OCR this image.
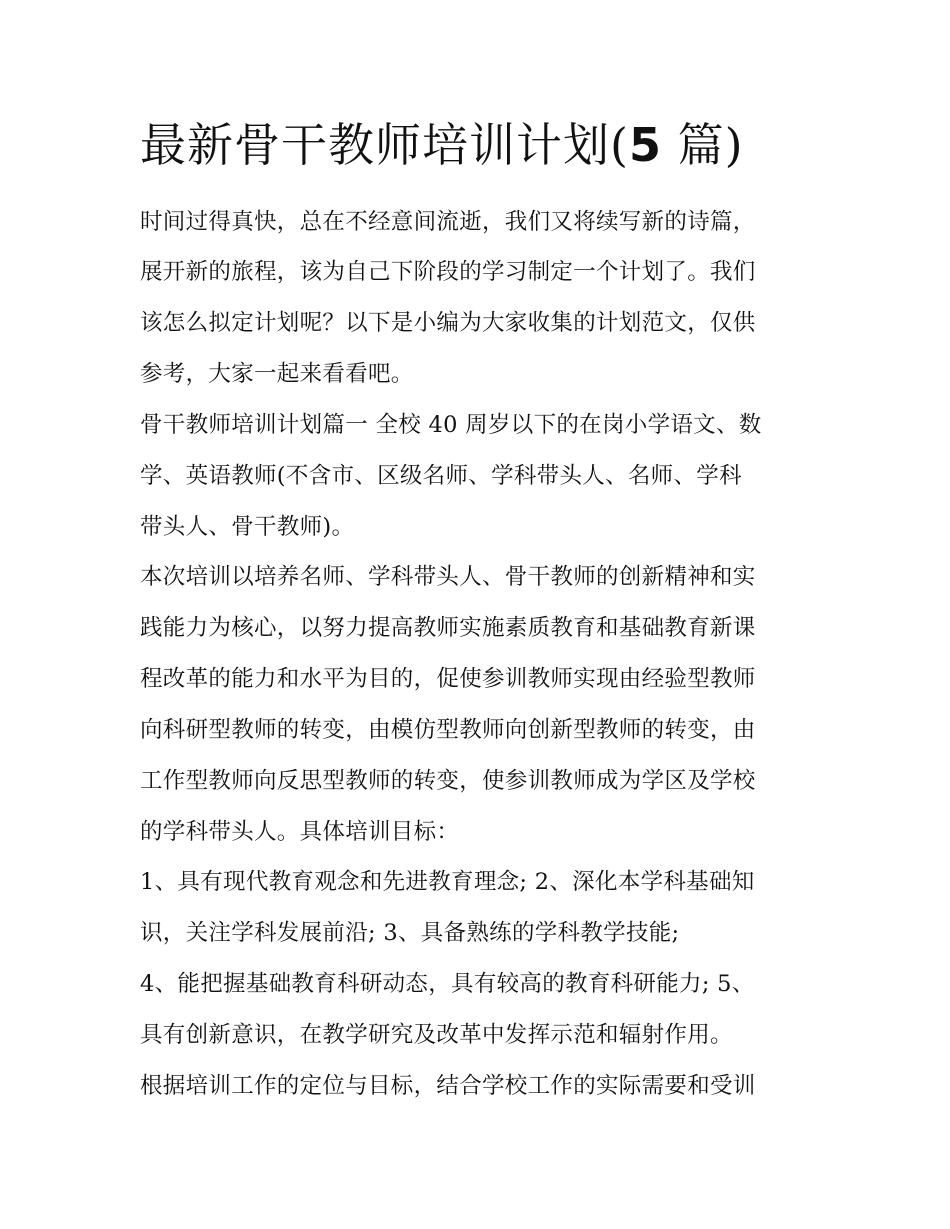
最新骨干教师培训计划(5 篇)

时间过得真快，总在不经意间流逝，我们又将续写新的诗篇，

展开新的旅程，该为自己下阶段的学习制定一个计划了。我们

该怎么拟定计划呢？以下是小编为大家收集的计划范文，仅供

参考，大家一起来看看吧。

骨干教师培训计划篇一 全校 40 周岁以下的在岗小学语文、数

学、英语教师(不含市、区级名师、学科带头人、名师、学科

带头人、骨干教师)。

本次培训以培养名师、学科带头人、骨干教师的创新精神和实

践能力为核心，以努力提高教师实施素质教育和基础教育新课

程改革的能力和水平为目的，促使参训教师实现由经验型教师

向科研型教师的转变，由模仿型教师向创新型教师的转变，由

工作型教师向反思型教师的转变，使参训教师成为学区及学校

的学科带头人。具体培训目标：

1、具有现代教育观念和先进教育理念; 2、深化本学科基础知

识，关注学科发展前沿; 3、具备熟练的学科教学技能;

4、能把握基础教育科研动态，具有较高的教育科研能力; 5、

具有创新意识，在教学研究及改革中发挥示范和辐射作用。

根据培训工作的定位与目标，结合学校工作的实际需要和受训
